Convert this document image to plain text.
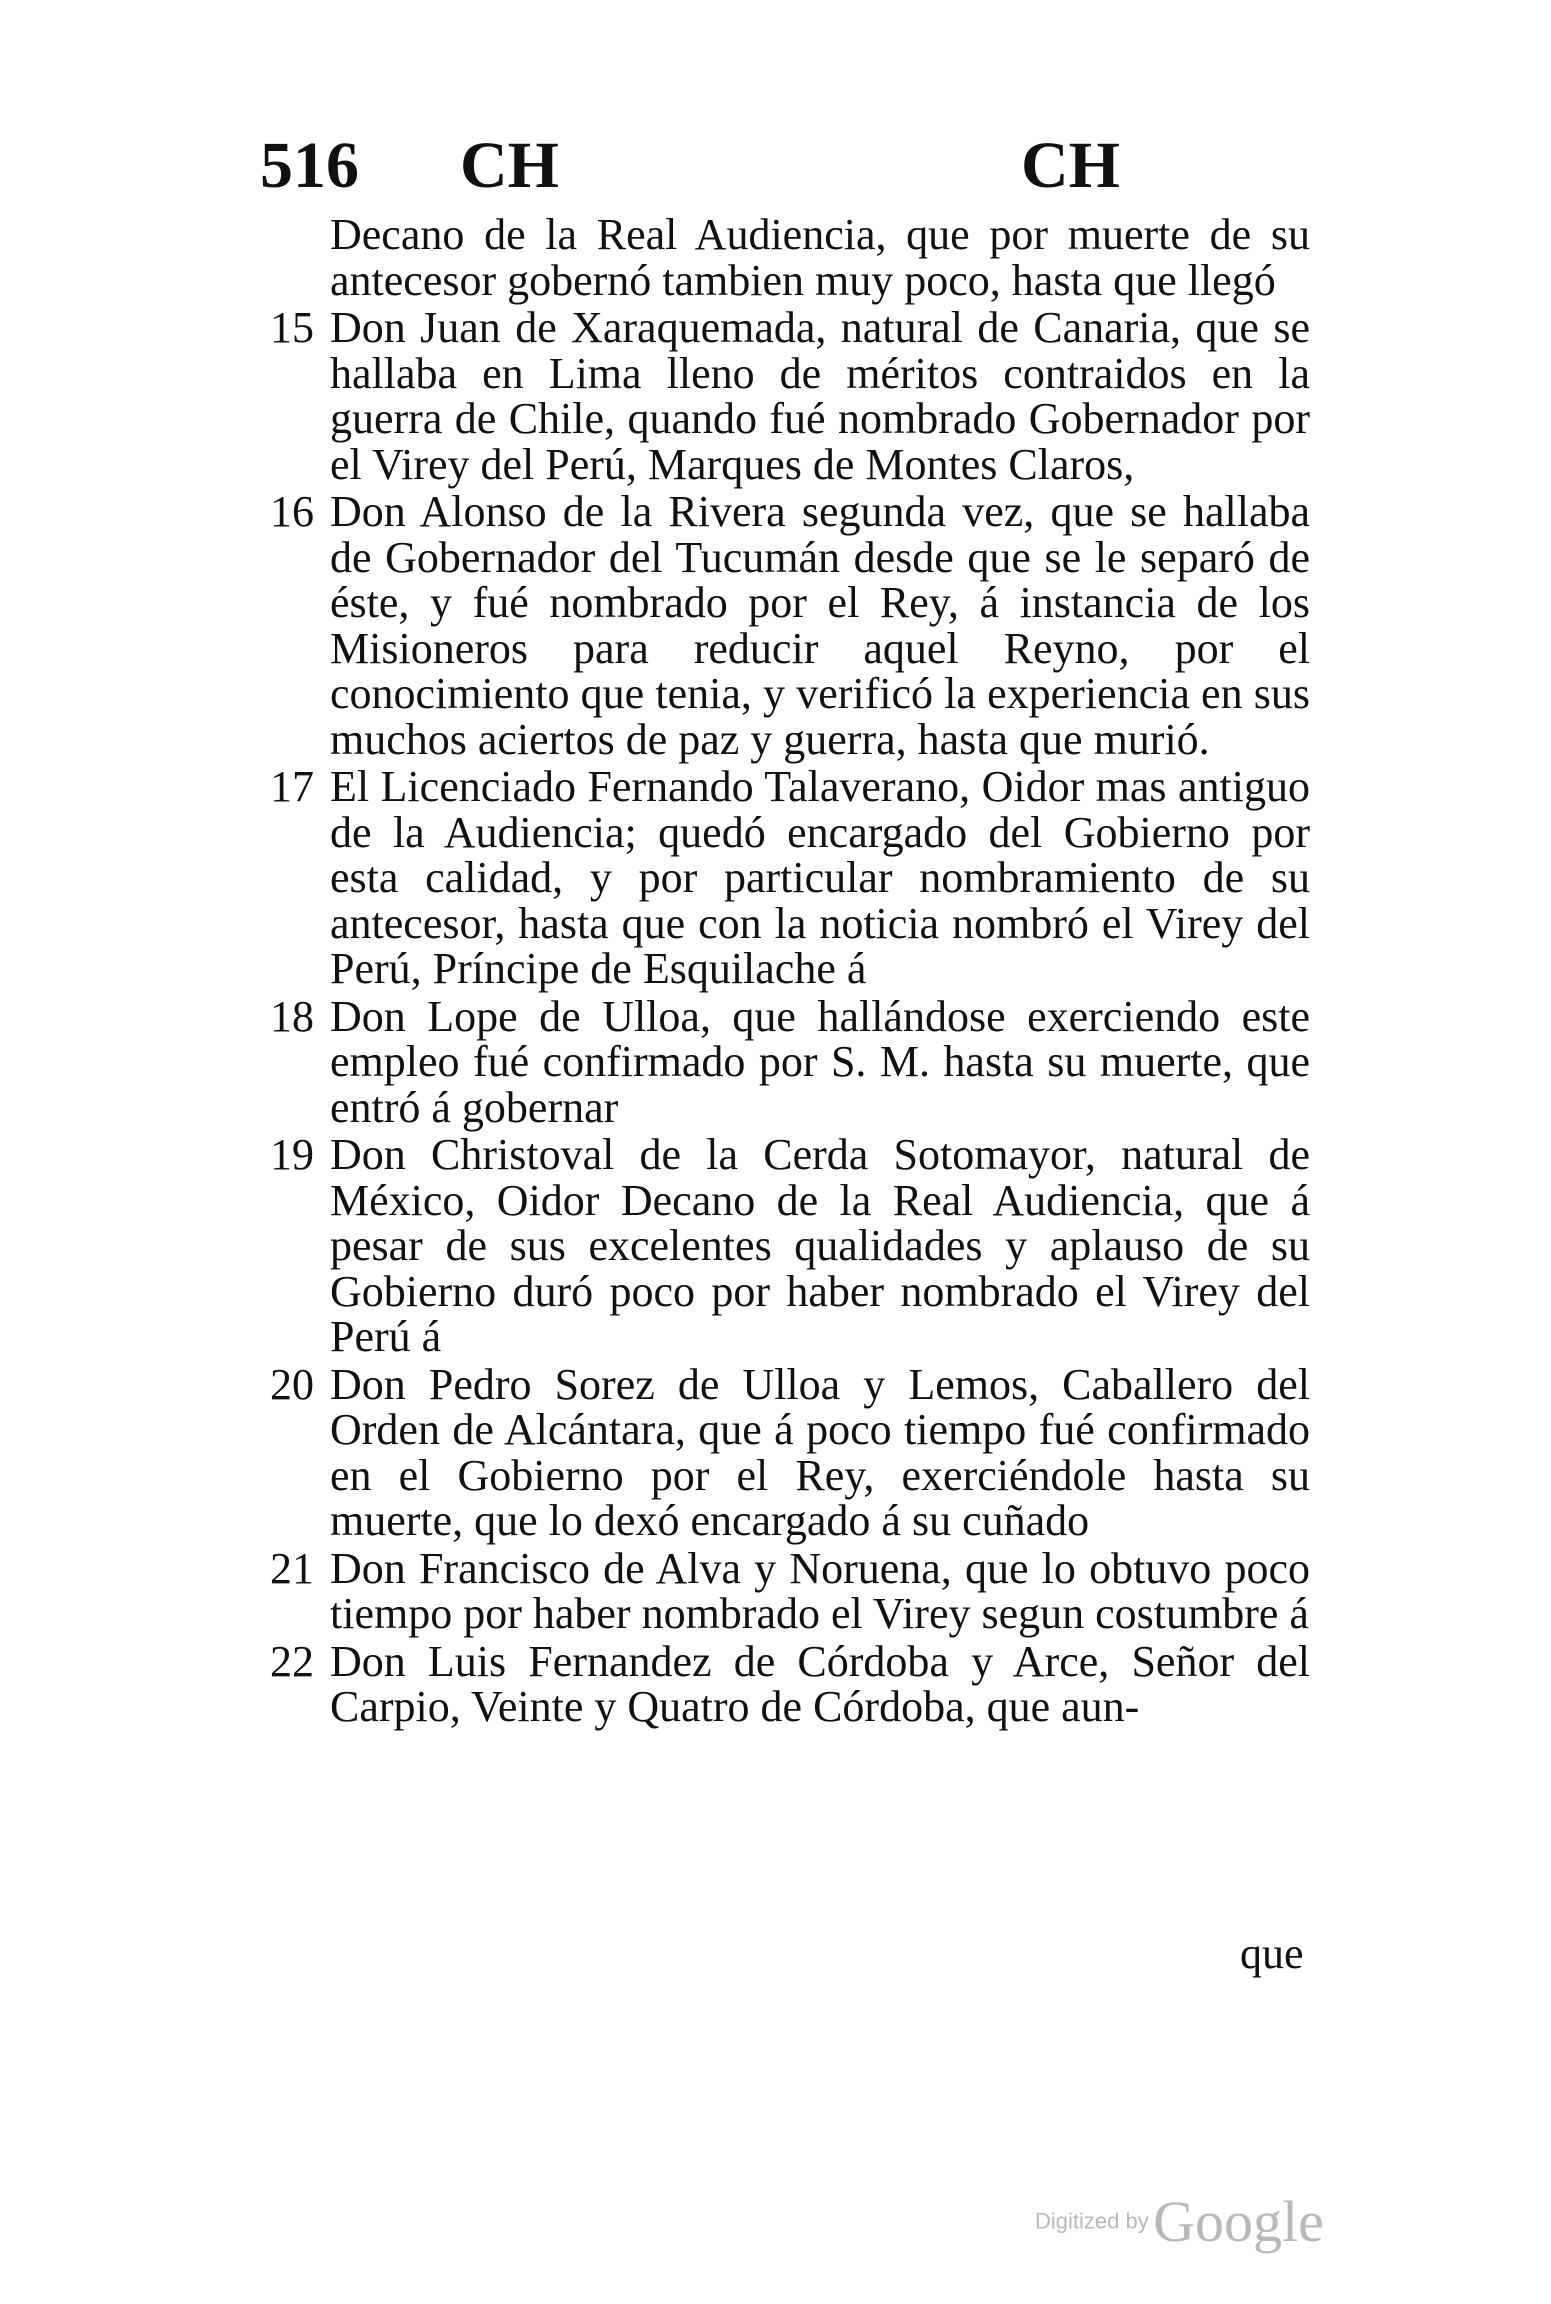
516 CH	CH
Decano de la Real Audiencia, que por muerte de su antecesor gobernó tambien muy poco, hasta que llegó
15 Don Juan de Xaraquemada, natural de Canaria, que se hallaba en Lima lleno de méritos contraidos en la guerra de Chile, quando fué nombrado Gobernador por el Virey del Perú, Marques de Montes Claros,
16 Don Alonso de la Rivera segunda vez, que se hallaba de Gobernador del Tucumán desde que se le separó de éste, y fué nombrado por el Rey, á instancia de los Misioneros para reducir aquel Reyno, por el conocimiento que tenia, y verificó la experiencia en sus muchos aciertos de paz y guerra, hasta que murió.
17 El Licenciado Fernando Talaverano, Oidor mas antiguo de la Audiencia; quedó encargado del Gobierno por esta calidad, y por particular nombramiento de su antecesor, hasta que con la noticia nombró el Virey del Perú, Príncipe de Esquilache á
18 Don Lope de Ulloa, que hallándose exerciendo este empleo fué confirmado por S. M. hasta su muerte, que entró á gobernar
19 Don Christoval de la Cerda Sotomayor, natural de México, Oidor Decano de la Real Audiencia, que á pesar de sus excelentes qualidades y aplauso de su Gobierno duró poco por haber nombrado el Virey del Perú á
20 Don Pedro Sorez de Ulloa y Lemos, Caballero del Orden de Alcántara, que á poco tiempo fué confirmado en el Gobierno por el Rey, exerciéndole hasta su muerte, que lo dexó encargado á su cuñado
21 Don Francisco de Alva y Noruena, que lo obtuvo poco tiempo por haber nombrado el Virey segun costumbre á
22 Don Luis Fernandez de Córdoba y Arce, Señor del Carpio, Veinte y Quatro de Córdoba, que aun-
que
Digitized by Google
